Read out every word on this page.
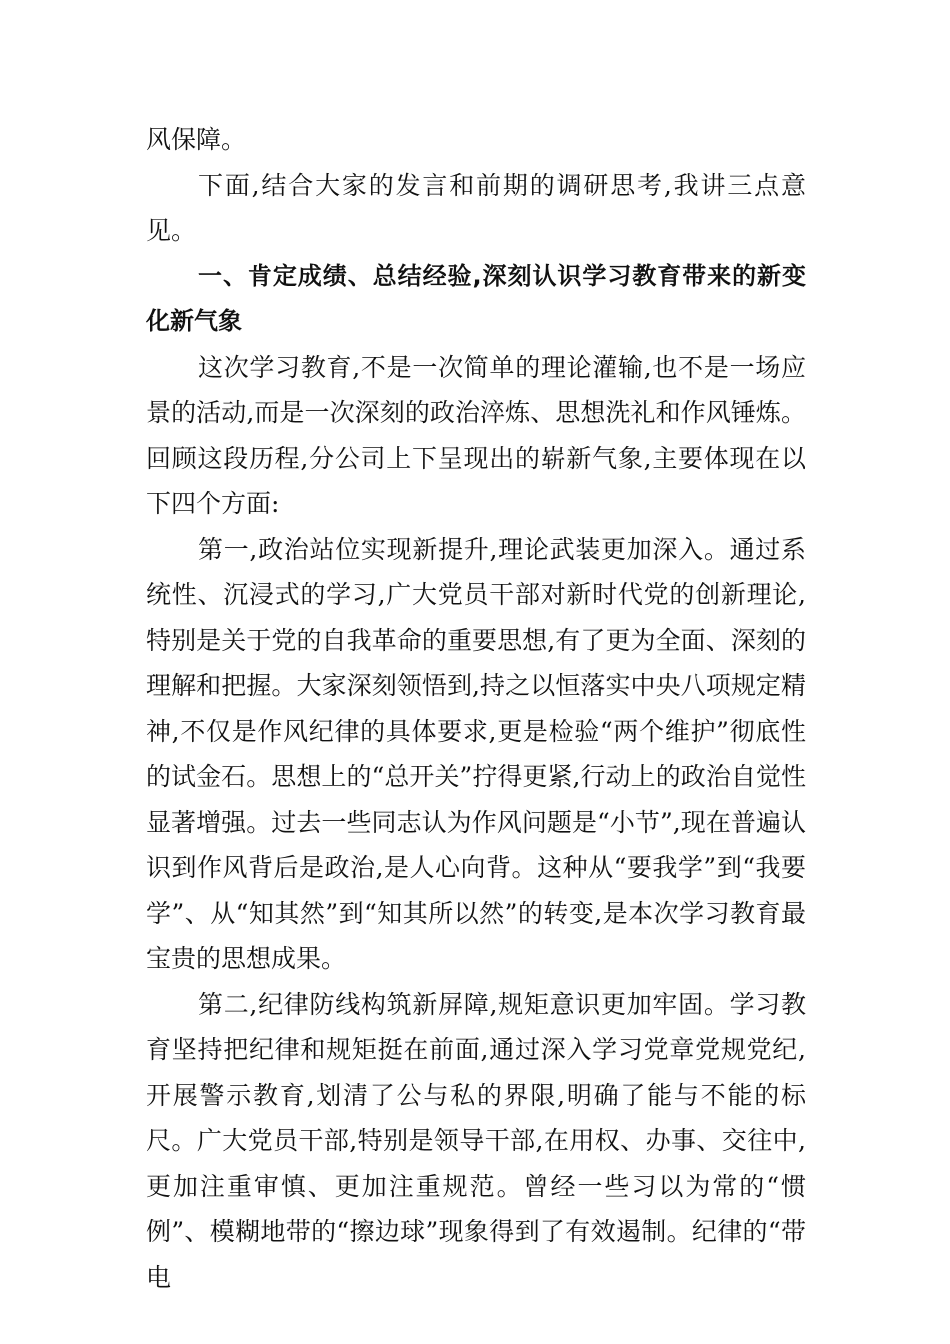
风保障。

下面,结合大家的发言和前期的调研思考,我讲三点意见。

一、肯定成绩、总结经验,深刻认识学习教育带来的新变化新气象

这次学习教育,不是一次简单的理论灌输,也不是一场应景的活动,而是一次深刻的政治淬炼、思想洗礼和作风锤炼。回顾这段历程,分公司上下呈现出的崭新气象,主要体现在以下四个方面:

第一,政治站位实现新提升,理论武装更加深入。通过系统性、沉浸式的学习,广大党员干部对新时代党的创新理论,特别是关于党的自我革命的重要思想,有了更为全面、深刻的理解和把握。大家深刻领悟到,持之以恒落实中央八项规定精神,不仅是作风纪律的具体要求,更是检验“两个维护”彻底性的试金石。思想上的“总开关”拧得更紧,行动上的政治自觉性显著增强。过去一些同志认为作风问题是“小节”,现在普遍认识到作风背后是政治,是人心向背。这种从“要我学”到“我要学”、从“知其然”到“知其所以然”的转变,是本次学习教育最宝贵的思想成果。

第二,纪律防线构筑新屏障,规矩意识更加牢固。学习教育坚持把纪律和规矩挺在前面,通过深入学习党章党规党纪,开展警示教育,划清了公与私的界限,明确了能与不能的标尺。广大党员干部,特别是领导干部,在用权、办事、交往中,更加注重审慎、更加注重规范。曾经一些习以为常的“惯例”、模糊地带的“擦边球”现象得到了有效遏制。纪律的“带电
